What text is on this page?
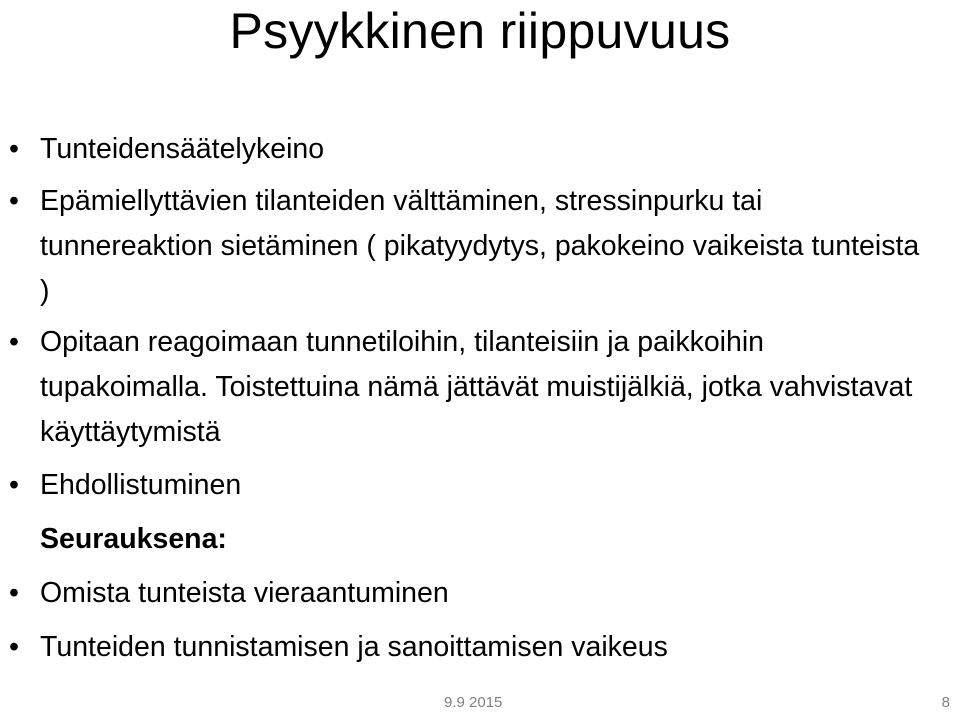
Psyykkinen riippuvuus
• Tunteidensäätelykeino
• Epämiellyttävien tilanteiden välttäminen, stressinpurku tai tunnereaktion sietäminen ( pikatyydytys, pakokeino vaikeista tunteista )
• Opitaan reagoimaan tunnetiloihin, tilanteisiin ja paikkoihin tupakoimalla. Toistettuina nämä jättävät muistijälkiä, jotka vahvistavat käyttäytymistä
• Ehdollistuminen
Seurauksena:
• Omista tunteista vieraantuminen
• Tunteiden tunnistamisen ja sanoittamisen vaikeus
9.9 2015	8
